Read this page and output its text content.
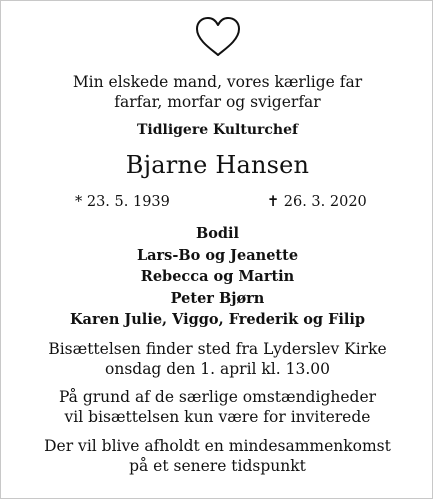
Min elskede mand, vores kærlige far
farfar, morfar og svigerfar
Tidligere Kulturchef
Bjarne Hansen
* 23. 5. 1939	✝ 26. 3. 2020
Bodil
Lars-Bo og Jeanette
Rebecca og Martin
Peter Bjørn
Karen Julie, Viggo, Frederik og Filip
Bisættelsen finder sted fra Lyderslev Kirke
onsdag den 1. april kl. 13.00
På grund af de særlige omstændigheder
vil bisættelsen kun være for inviterede
Der vil blive afholdt en mindesammenkomst
på et senere tidspunkt
